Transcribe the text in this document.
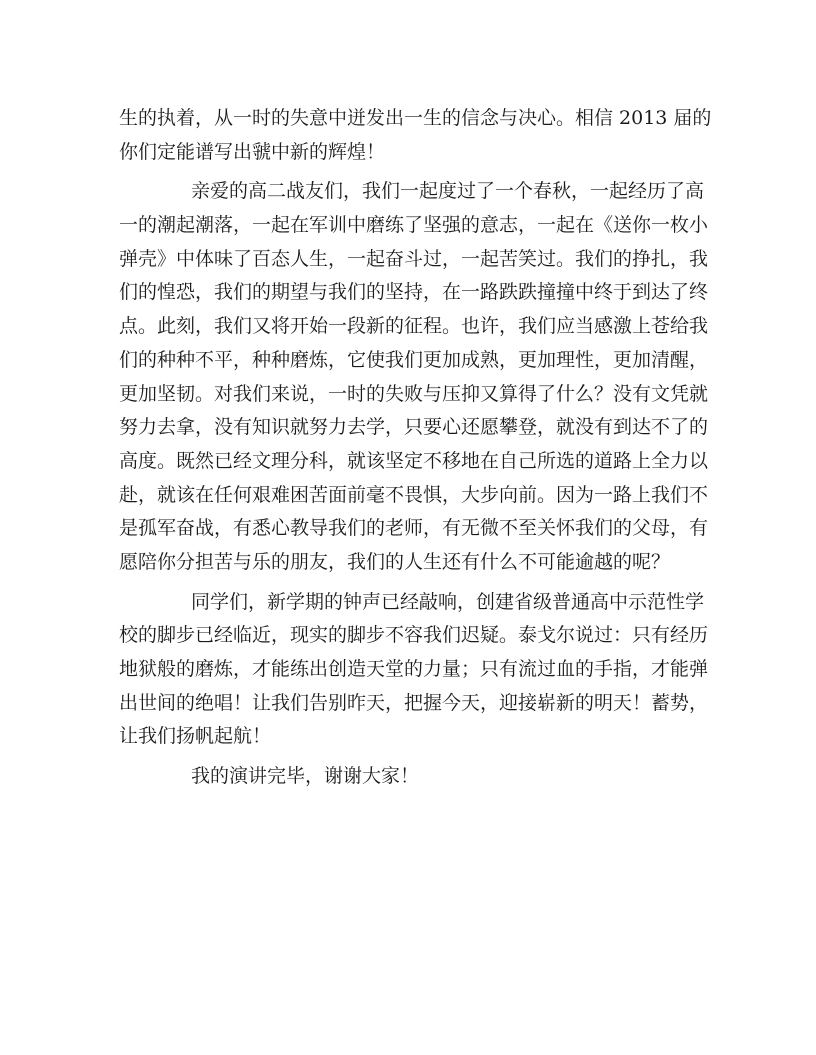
生的执着，从一时的失意中迸发出一生的信念与决心。相信 2013 届的
你们定能谱写出虢中新的辉煌！
亲爱的高二战友们，我们一起度过了一个春秋，一起经历了高
一的潮起潮落，一起在军训中磨练了坚强的意志，一起在《送你一枚小
弹壳》中体味了百态人生，一起奋斗过，一起苦笑过。我们的挣扎，我
们的惶恐，我们的期望与我们的坚持，在一路跌跌撞撞中终于到达了终
点。此刻，我们又将开始一段新的征程。也许，我们应当感激上苍给我
们的种种不平，种种磨炼，它使我们更加成熟，更加理性，更加清醒，
更加坚韧。对我们来说，一时的失败与压抑又算得了什么？没有文凭就
努力去拿，没有知识就努力去学，只要心还愿攀登，就没有到达不了的
高度。既然已经文理分科，就该坚定不移地在自己所选的道路上全力以
赴，就该在任何艰难困苦面前毫不畏惧，大步向前。因为一路上我们不
是孤军奋战，有悉心教导我们的老师，有无微不至关怀我们的父母，有
愿陪你分担苦与乐的朋友，我们的人生还有什么不可能逾越的呢？
同学们，新学期的钟声已经敲响，创建省级普通高中示范性学
校的脚步已经临近，现实的脚步不容我们迟疑。泰戈尔说过：只有经历
地狱般的磨炼，才能练出创造天堂的力量；只有流过血的手指，才能弹
出世间的绝唱！让我们告别昨天，把握今天，迎接崭新的明天！蓄势，
让我们扬帆起航！
我的演讲完毕，谢谢大家！
